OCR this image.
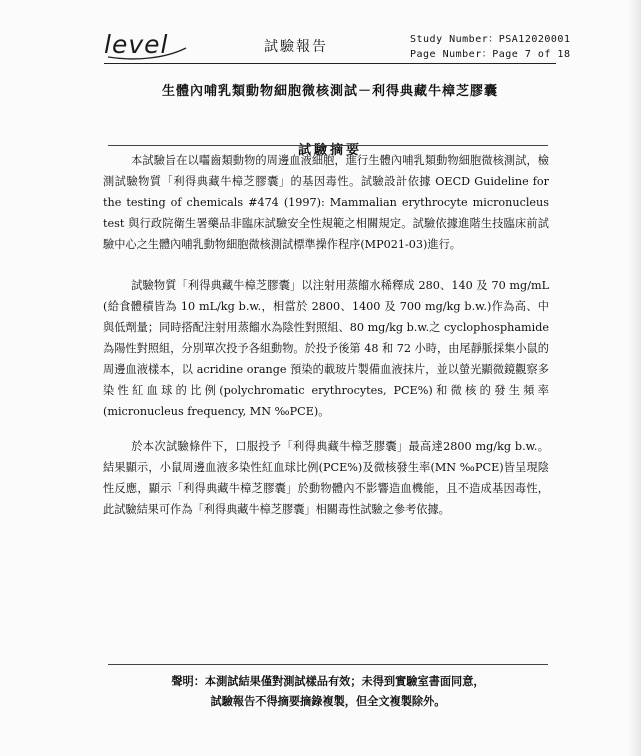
level	試驗報告	Study Number：PSA12020001
Page Number：Page 7 of 18
生體內哺乳類動物細胞微核測試－利得典藏牛樟芝膠囊
試驗摘要
本試驗旨在以囓齒類動物的周邊血液細胞，進行生體內哺乳類動物細胞微核測試，檢測試驗物質「利得典藏牛樟芝膠囊」的基因毒性。試驗設計依據 OECD Guideline for the testing of chemicals #474 (1997): Mammalian erythrocyte micronucleus test 與行政院衛生署藥品非臨床試驗安全性規範之相關規定。試驗依據進階生技臨床前試驗中心之生體內哺乳動物細胞微核測試標準操作程序(MP021-03)進行。
試驗物質「利得典藏牛樟芝膠囊」以注射用蒸餾水稀釋成 280、140 及 70 mg/mL (給食體積皆為 10 mL/kg b.w.，相當於 2800、1400 及 700 mg/kg b.w.)作為高、中與低劑量；同時搭配注射用蒸餾水為陰性對照組、80 mg/kg b.w.之 cyclophosphamide 為陽性對照組，分別單次投予各組動物。於投予後第 48 和 72 小時，由尾靜脈採集小鼠的周邊血液樣本，以 acridine orange 預染的載玻片製備血液抹片，並以螢光顯微鏡觀察多染性紅血球的比例(polychromatic erythrocytes, PCE%)和微核的發生頻率(micronucleus frequency, MN ‰PCE)。
於本次試驗條件下，口服投予「利得典藏牛樟芝膠囊」最高達2800 mg/kg b.w.。結果顯示，小鼠周邊血液多染性紅血球比例(PCE%)及微核發生率(MN ‰PCE)皆呈現陰性反應，顯示「利得典藏牛樟芝膠囊」於動物體內不影響造血機能，且不造成基因毒性，此試驗結果可作為「利得典藏牛樟芝膠囊」相關毒性試驗之參考依據。
聲明：本測試結果僅對測試樣品有效；未得到實驗室書面同意，
試驗報告不得摘要摘錄複製，但全文複製除外。
